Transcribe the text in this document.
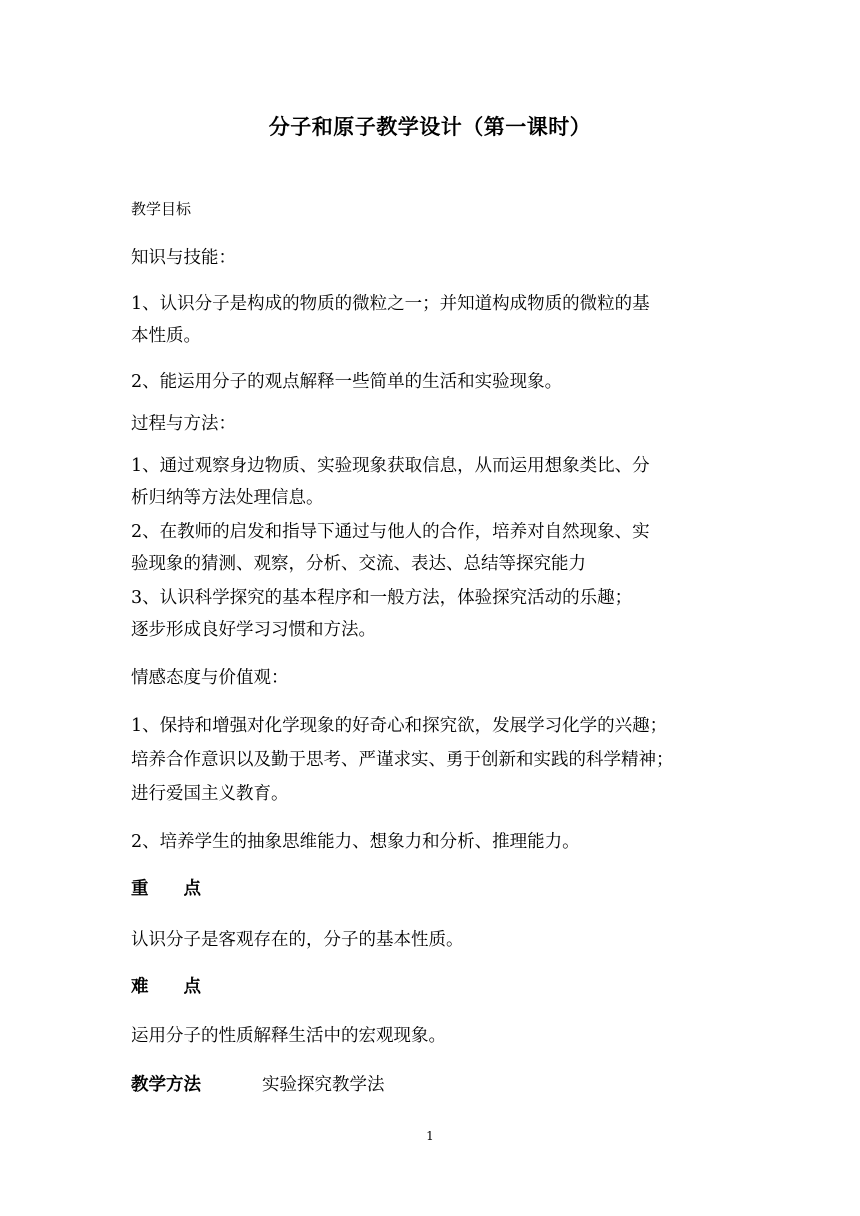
分子和原子教学设计（第一课时）
教学目标
知识与技能：
1、认识分子是构成的物质的微粒之一；并知道构成物质的微粒的基
本性质。
2、能运用分子的观点解释一些简单的生活和实验现象。
过程与方法：
1、通过观察身边物质、实验现象获取信息，从而运用想象类比、分
析归纳等方法处理信息。
2、在教师的启发和指导下通过与他人的合作，培养对自然现象、实
验现象的猜测、观察，分析、交流、表达、总结等探究能力
3、认识科学探究的基本程序和一般方法，体验探究活动的乐趣；
逐步形成良好学习习惯和方法。
情感态度与价值观：
1、保持和增强对化学现象的好奇心和探究欲，发展学习化学的兴趣；
培养合作意识以及勤于思考、严谨求实、勇于创新和实践的科学精神；
进行爱国主义教育。
2、培养学生的抽象思维能力、想象力和分析、推理能力。
重点
认识分子是客观存在的，分子的基本性质。
难点
运用分子的性质解释生活中的宏观现象。
教学方法	实验探究教学法
1
